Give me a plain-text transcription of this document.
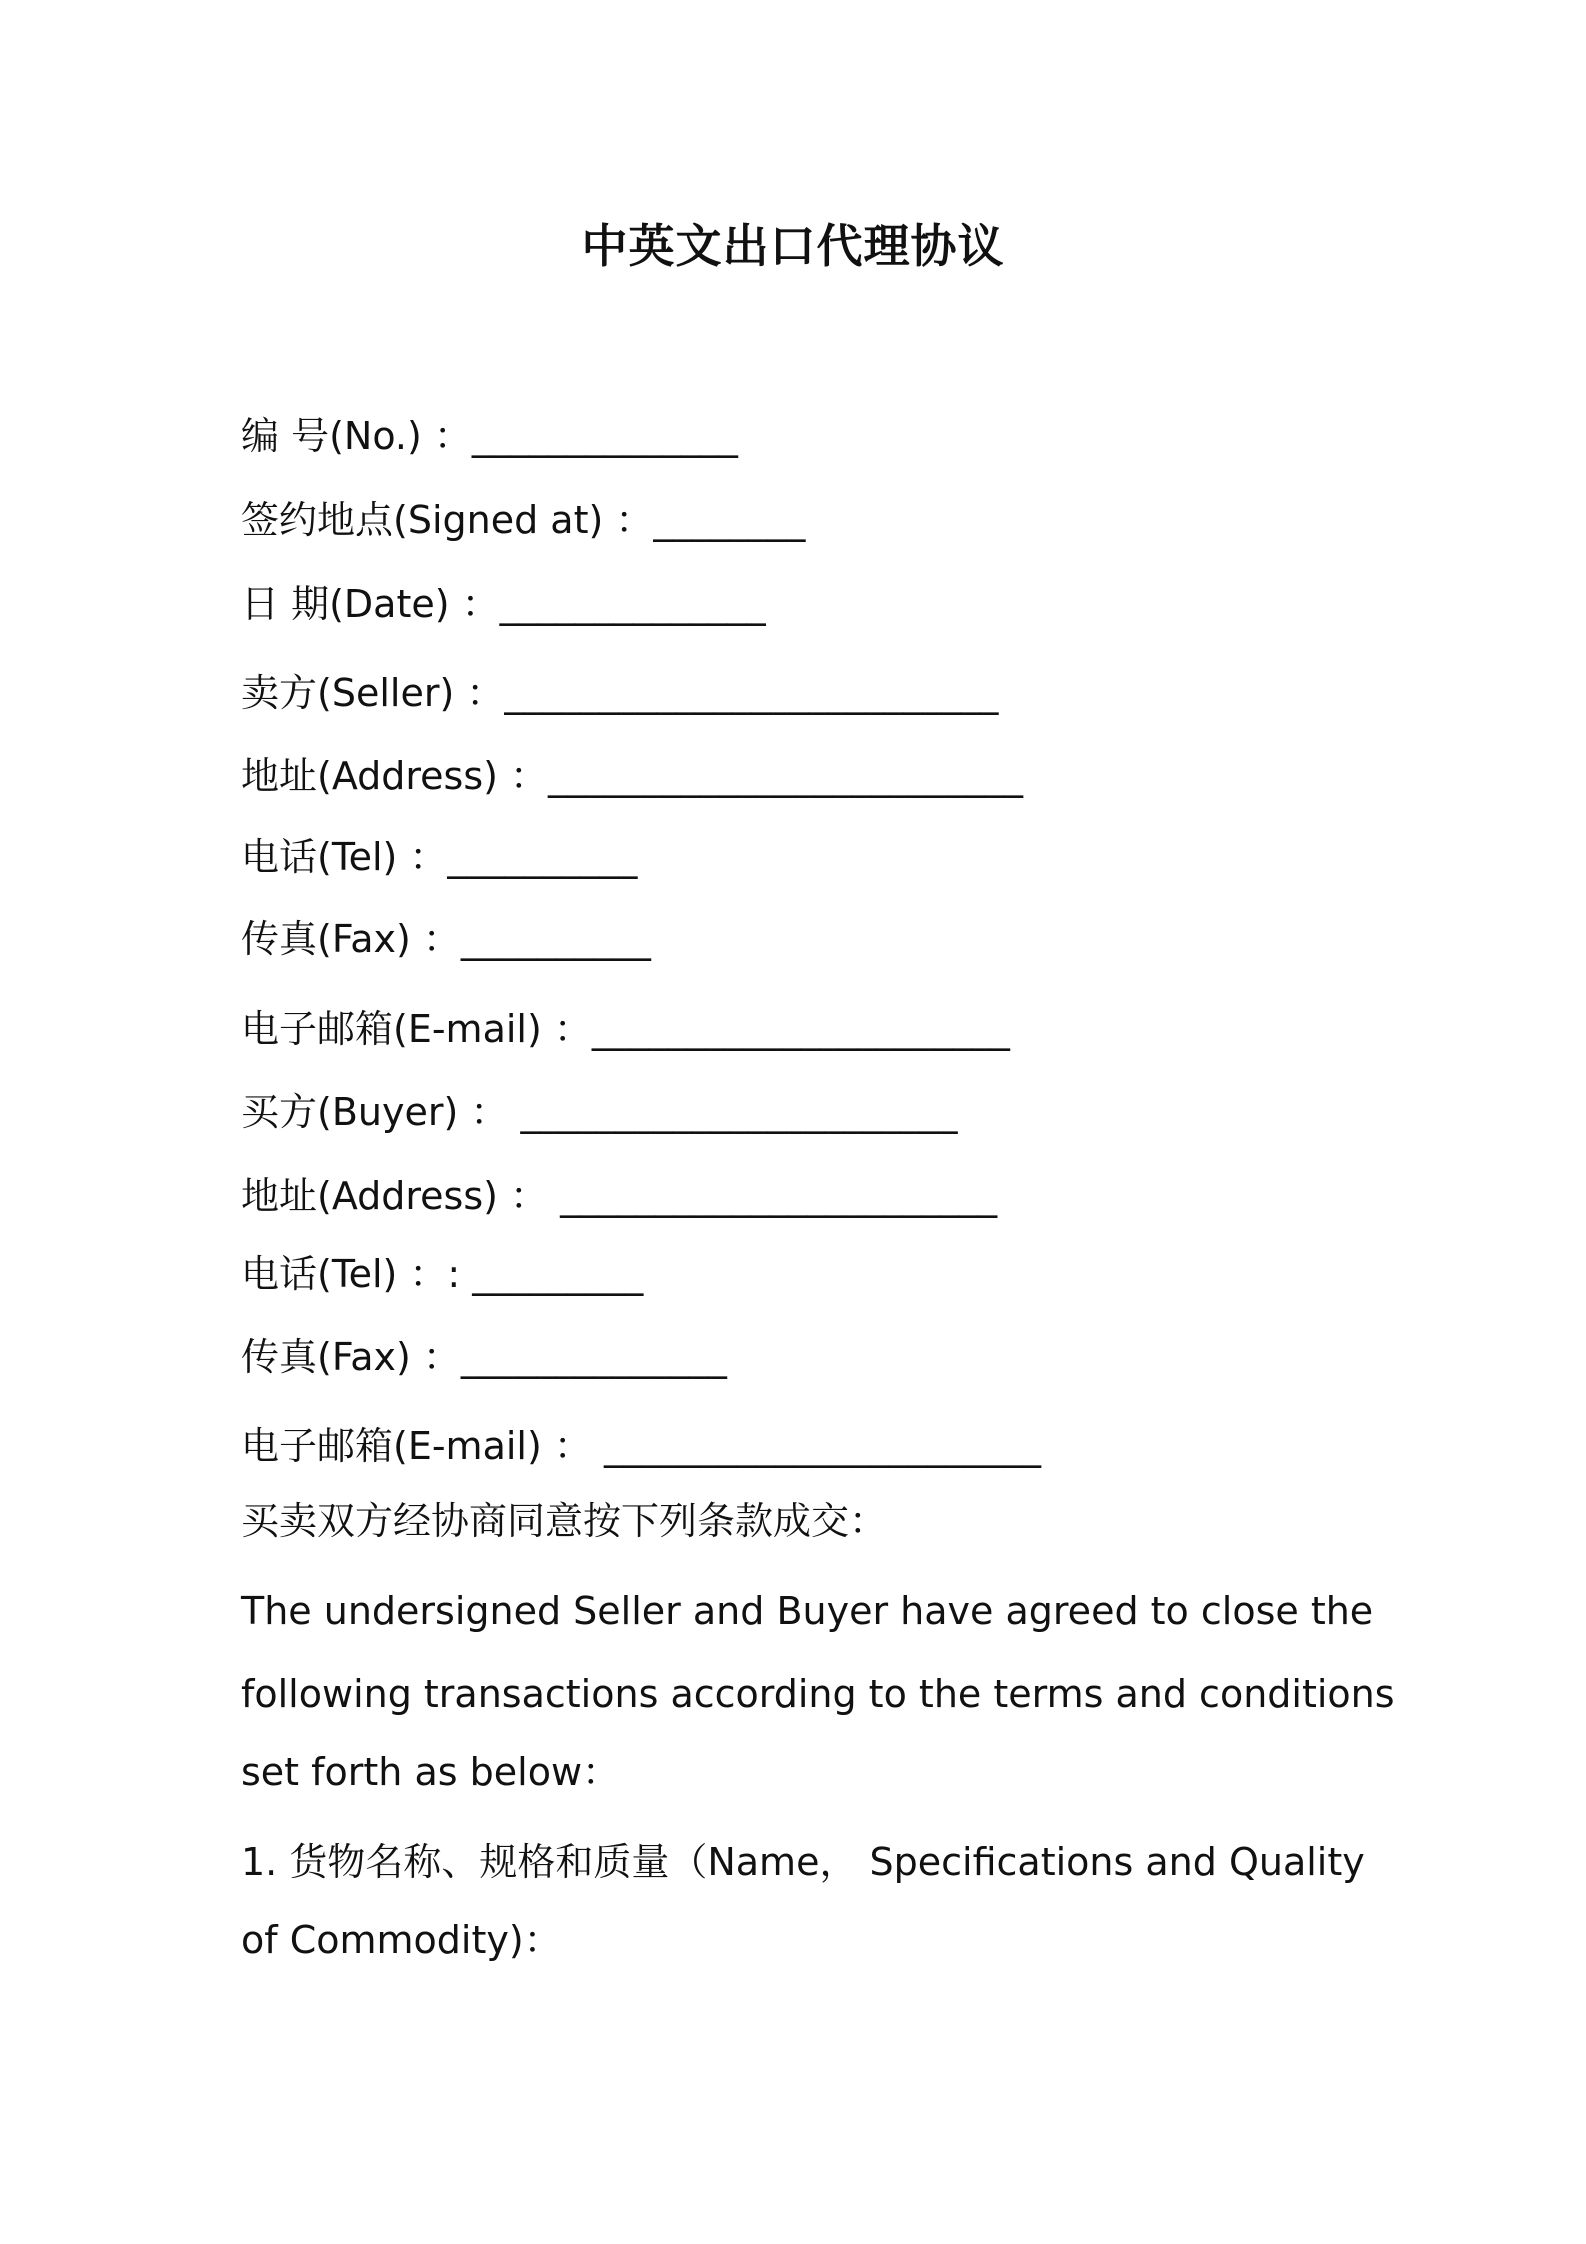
中英文出口代理协议
编 号(No.) ：______________
签约地点(Signed at) ：________
日 期(Date) ：______________
卖方(Seller) ：__________________________
地址(Address) ：_________________________
电话(Tel) ：__________
传真(Fax) ：__________
电子邮箱(E-mail) ：______________________
买方(Buyer) ： _______________________
地址(Address) ： _______________________
电话(Tel) ：: _________
传真(Fax) ：______________
电子邮箱(E-mail) ： _______________________
买卖双方经协商同意按下列条款成交：
The undersigned Seller and Buyer have agreed to close the
following transactions according to the terms and conditions
set forth as below：
1. 货物名称、规格和质量（Name， Specifications and Quality
of Commodity)：
